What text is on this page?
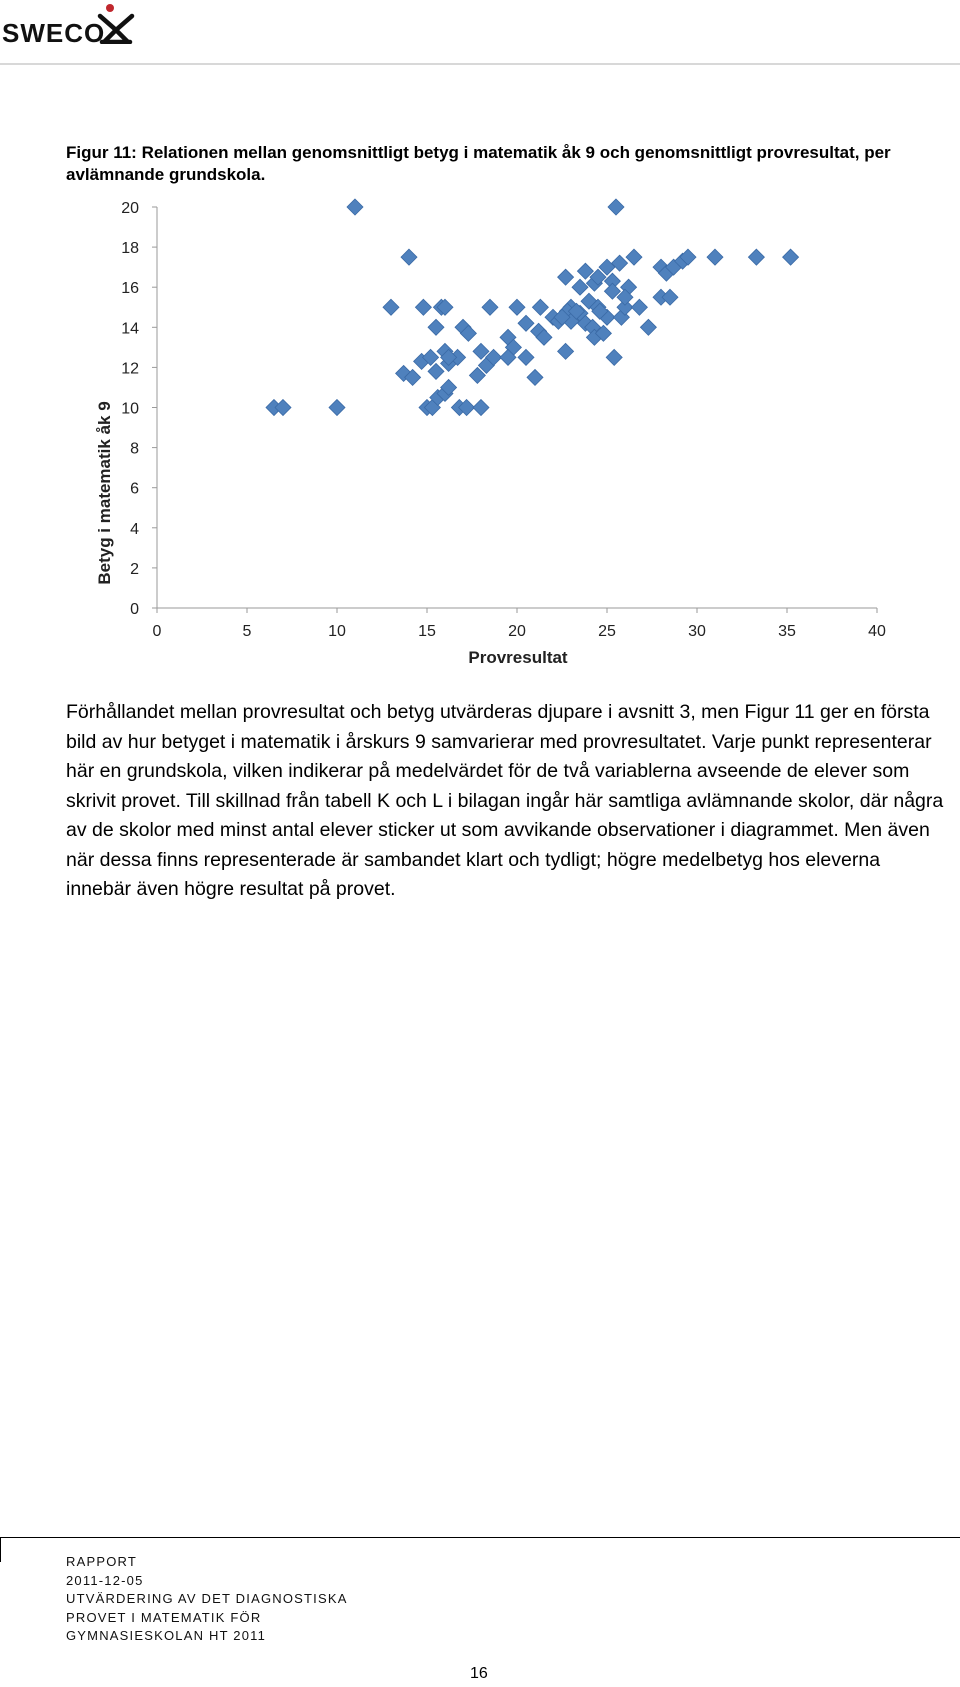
SWECO
Figur 11: Relationen mellan genomsnittligt betyg i matematik åk 9 och genomsnittligt provresultat, per avlämnande grundskola.
0
2
4
6
8
10
12
14
16
18
20
0	5	10	15	20	25	30	35	40
Provresultat
Betyg i matematik åk 9

Förhållandet mellan provresultat och betyg utvärderas djupare i avsnitt 3, men Figur 11 ger en första bild av hur betyget i matematik i årskurs 9 samvarierar med provresultatet. Varje punkt representerar här en grundskola, vilken indikerar på medelvärdet för de två variablerna avseende de elever som skrivit provet. Till skillnad från tabell K och L i bilagan ingår här samtliga avlämnande skolor, där några av de skolor med minst antal elever sticker ut som avvikande observationer i diagrammet. Men även när dessa finns representerade är sambandet klart och tydligt; högre medelbetyg hos eleverna innebär även högre resultat på provet.

RAPPORT
2011-12-05
UTVÄRDERING AV DET DIAGNOSTISKA
PROVET I MATEMATIK FÖR
GYMNASIESKOLAN HT 2011
16
